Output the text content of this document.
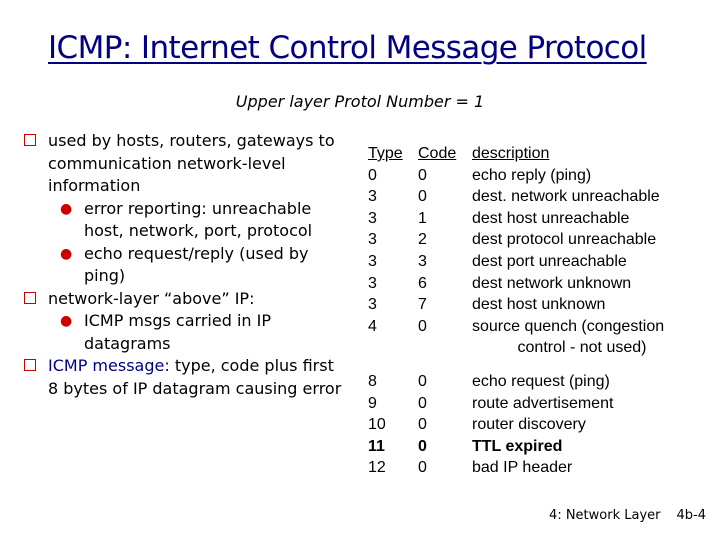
ICMP: Internet Control Message Protocol
Upper layer Protol Number = 1
used by hosts, routers, gateways to communication network-level information
● error reporting: unreachable host, network, port, protocol
● echo request/reply (used by ping)
network-layer “above” IP:
● ICMP msgs carried in IP datagrams
ICMP message: type, code plus first 8 bytes of IP datagram causing error
Type Code description
0	0	echo reply (ping)
3	0	dest. network unreachable
3	1	dest host unreachable
3	2	dest protocol unreachable
3	3	dest port unreachable
3	6	dest network unknown
3	7	dest host unknown
4	0	source quench (congestion
control - not used)
8	0	echo request (ping)
9	0	route advertisement
10 0	router discovery
11 0	TTL expired
12 0	bad IP header
4: Network Layer 4b-4
